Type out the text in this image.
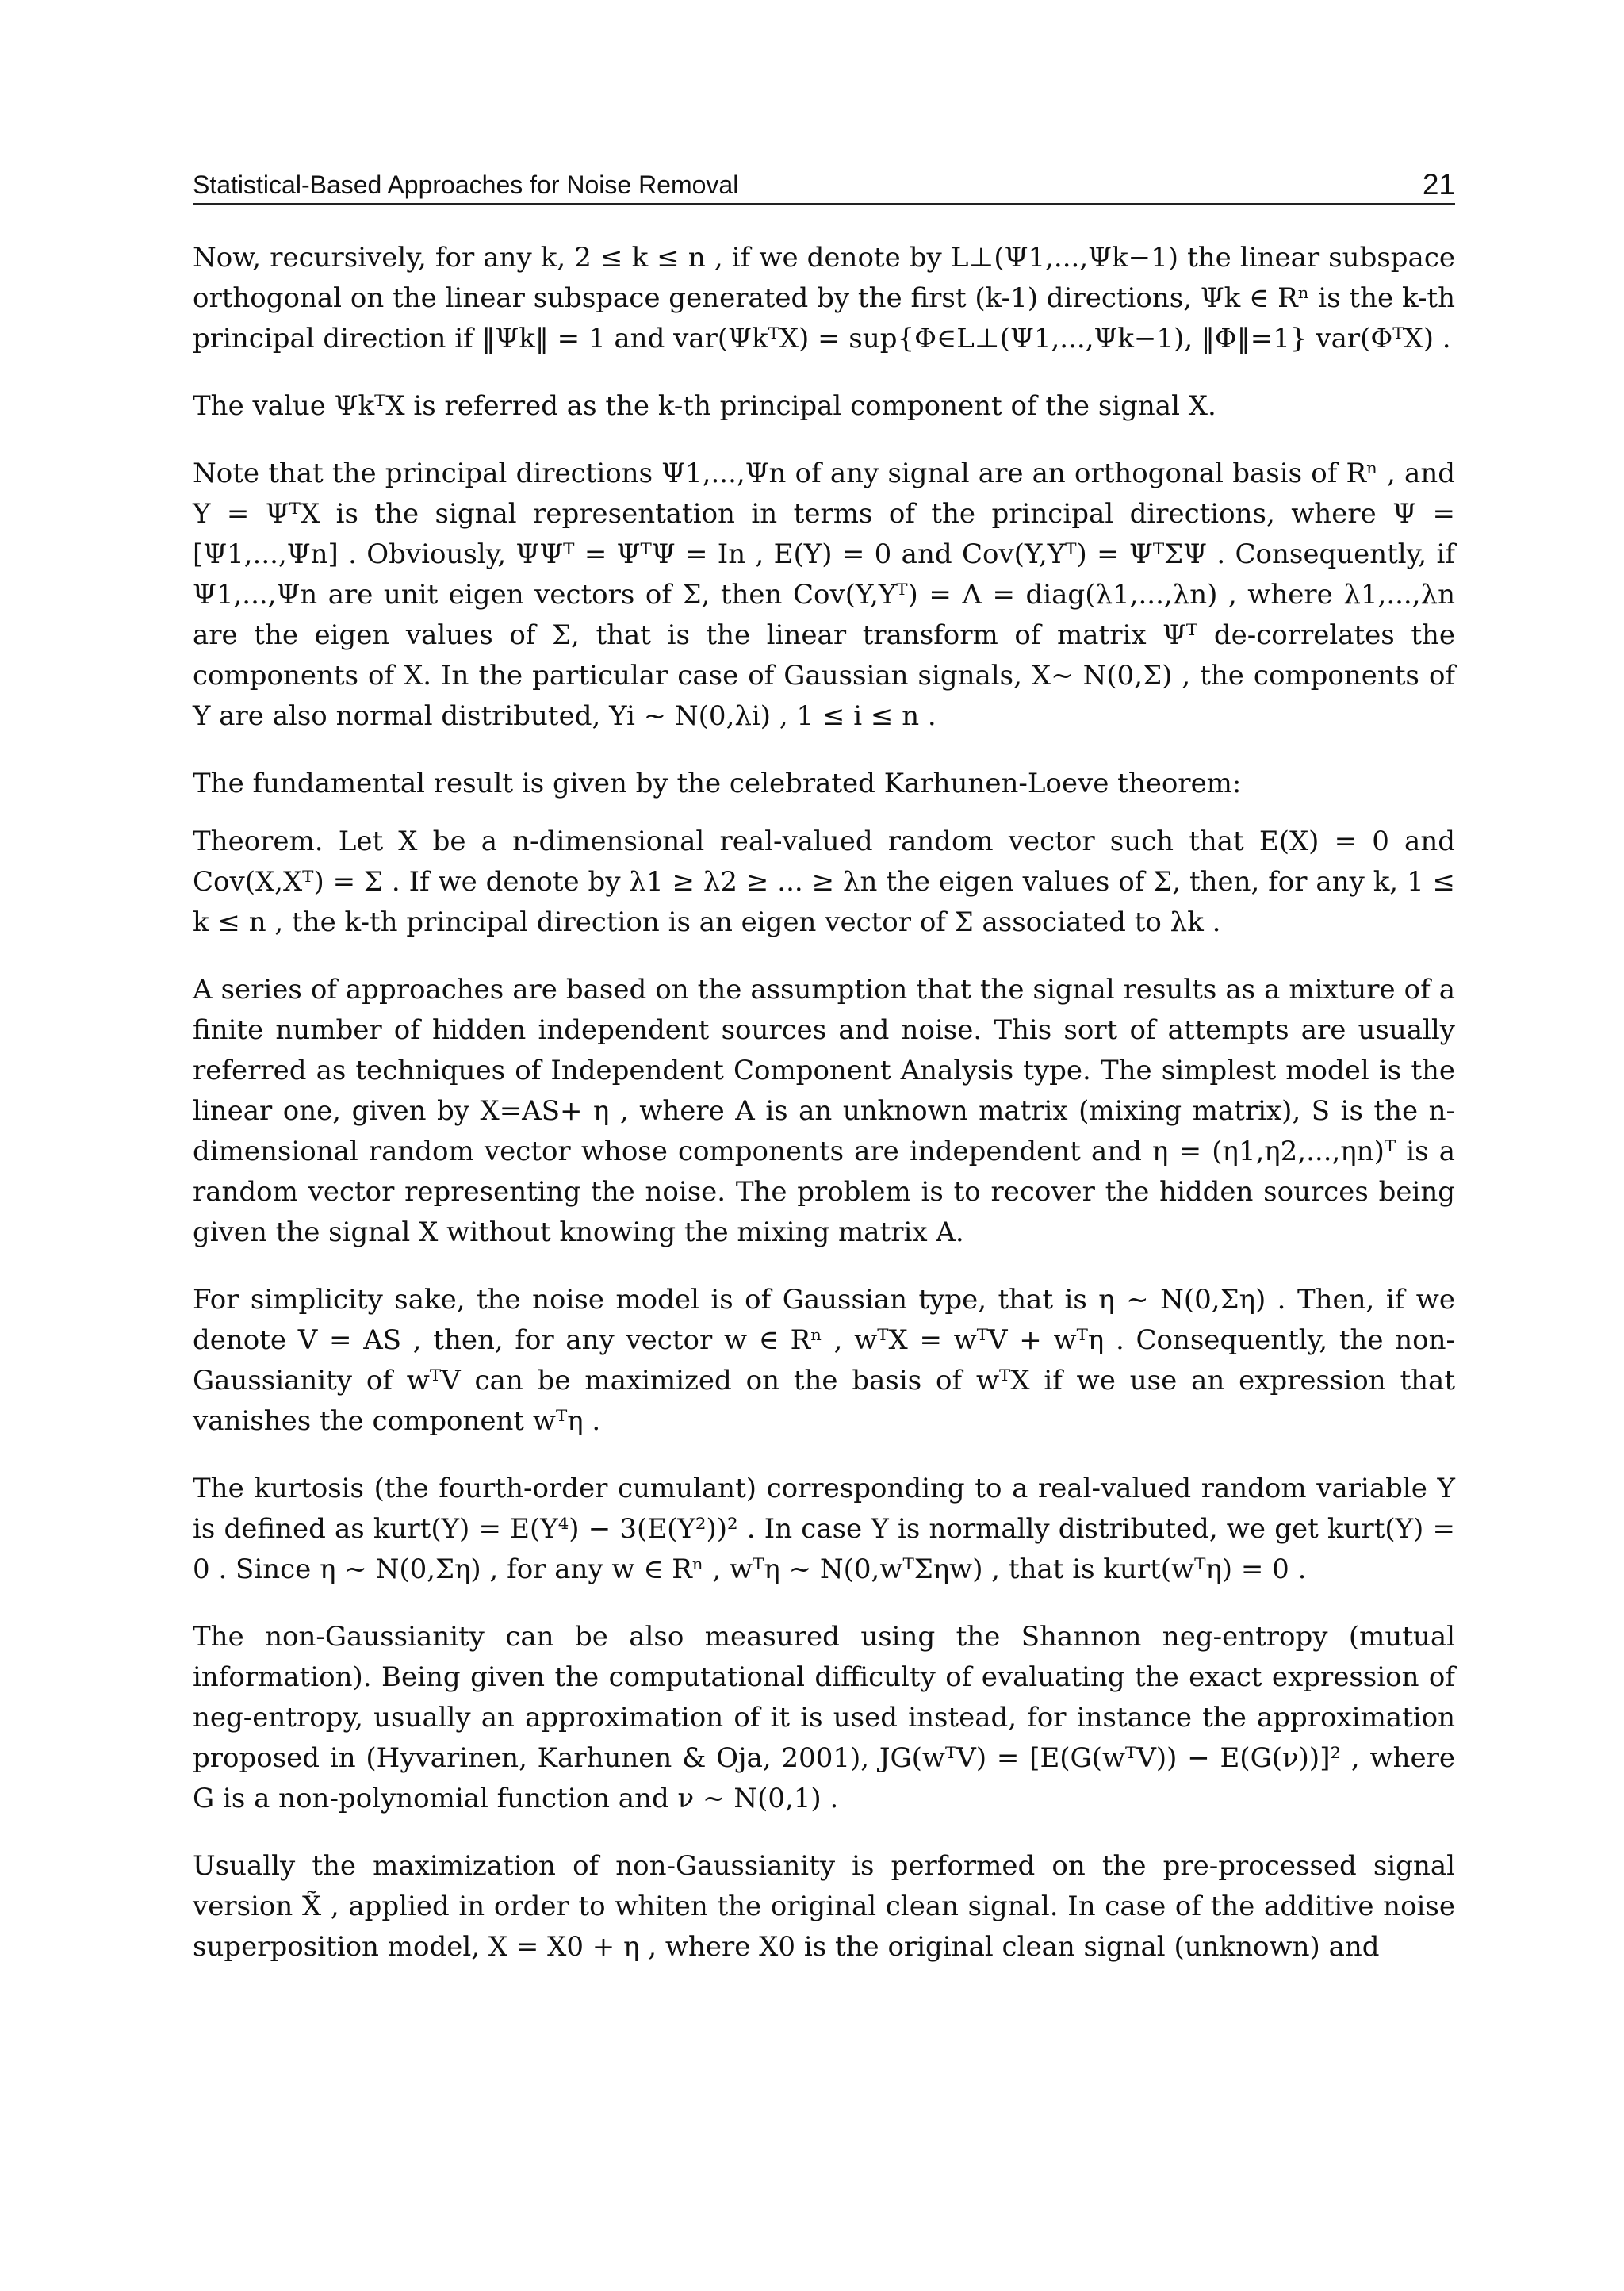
Statistical-Based Approaches for Noise Removal	21

Now, recursively, for any k, 2 ≤ k ≤ n , if we denote by L⊥(Ψ1,...,Ψk−1) the linear subspace orthogonal on the linear subspace generated by the first (k-1) directions, Ψk ∈ Rⁿ is the k-th principal direction if ‖Ψk‖ = 1 and var(ΨkᵀX) = sup{Φ∈L⊥(Ψ1,...,Ψk−1), ‖Φ‖=1} var(ΦᵀX) .

The value ΨkᵀX is referred as the k-th principal component of the signal X.

Note that the principal directions Ψ1,...,Ψn of any signal are an orthogonal basis of Rⁿ , and Y = ΨᵀX is the signal representation in terms of the principal directions, where Ψ = [Ψ1,...,Ψn] . Obviously, ΨΨᵀ = ΨᵀΨ = In , E(Y) = 0 and Cov(Y,Yᵀ) = ΨᵀΣΨ . Consequently, if Ψ1,...,Ψn are unit eigen vectors of Σ, then Cov(Y,Yᵀ) = Λ = diag(λ1,...,λn) , where λ1,...,λn are the eigen values of Σ, that is the linear transform of matrix Ψᵀ de-correlates the components of X. In the particular case of Gaussian signals, X~ N(0,Σ) , the components of Y are also normal distributed, Yi ~ N(0,λi) , 1 ≤ i ≤ n .

The fundamental result is given by the celebrated Karhunen-Loeve theorem:

Theorem. Let X be a n-dimensional real-valued random vector such that E(X) = 0 and Cov(X,Xᵀ) = Σ . If we denote by λ1 ≥ λ2 ≥ ... ≥ λn the eigen values of Σ, then, for any k, 1 ≤ k ≤ n , the k-th principal direction is an eigen vector of Σ associated to λk .

A series of approaches are based on the assumption that the signal results as a mixture of a finite number of hidden independent sources and noise. This sort of attempts are usually referred as techniques of Independent Component Analysis type. The simplest model is the linear one, given by X=AS+ η , where A is an unknown matrix (mixing matrix), S is the n-dimensional random vector whose components are independent and η = (η1,η2,...,ηn)ᵀ is a random vector representing the noise. The problem is to recover the hidden sources being given the signal X without knowing the mixing matrix A.

For simplicity sake, the noise model is of Gaussian type, that is η ~ N(0,Ση) . Then, if we denote V = AS , then, for any vector w ∈ Rⁿ , wᵀX = wᵀV + wᵀη . Consequently, the non-Gaussianity of wᵀV can be maximized on the basis of wᵀX if we use an expression that vanishes the component wᵀη .

The kurtosis (the fourth-order cumulant) corresponding to a real-valued random variable Y is defined as kurt(Y) = E(Y⁴) − 3(E(Y²))² . In case Y is normally distributed, we get kurt(Y) = 0 . Since η ~ N(0,Ση) , for any w ∈ Rⁿ , wᵀη ~ N(0,wᵀΣηw) , that is kurt(wᵀη) = 0 .

The non-Gaussianity can be also measured using the Shannon neg-entropy (mutual information). Being given the computational difficulty of evaluating the exact expression of neg-entropy, usually an approximation of it is used instead, for instance the approximation proposed in (Hyvarinen, Karhunen & Oja, 2001), JG(wᵀV) = [E(G(wᵀV)) − E(G(ν))]² , where G is a non-polynomial function and ν ~ N(0,1) .

Usually the maximization of non-Gaussianity is performed on the pre-processed signal version X̃ , applied in order to whiten the original clean signal. In case of the additive noise superposition model, X = X0 + η , where X0 is the original clean signal (unknown) and
